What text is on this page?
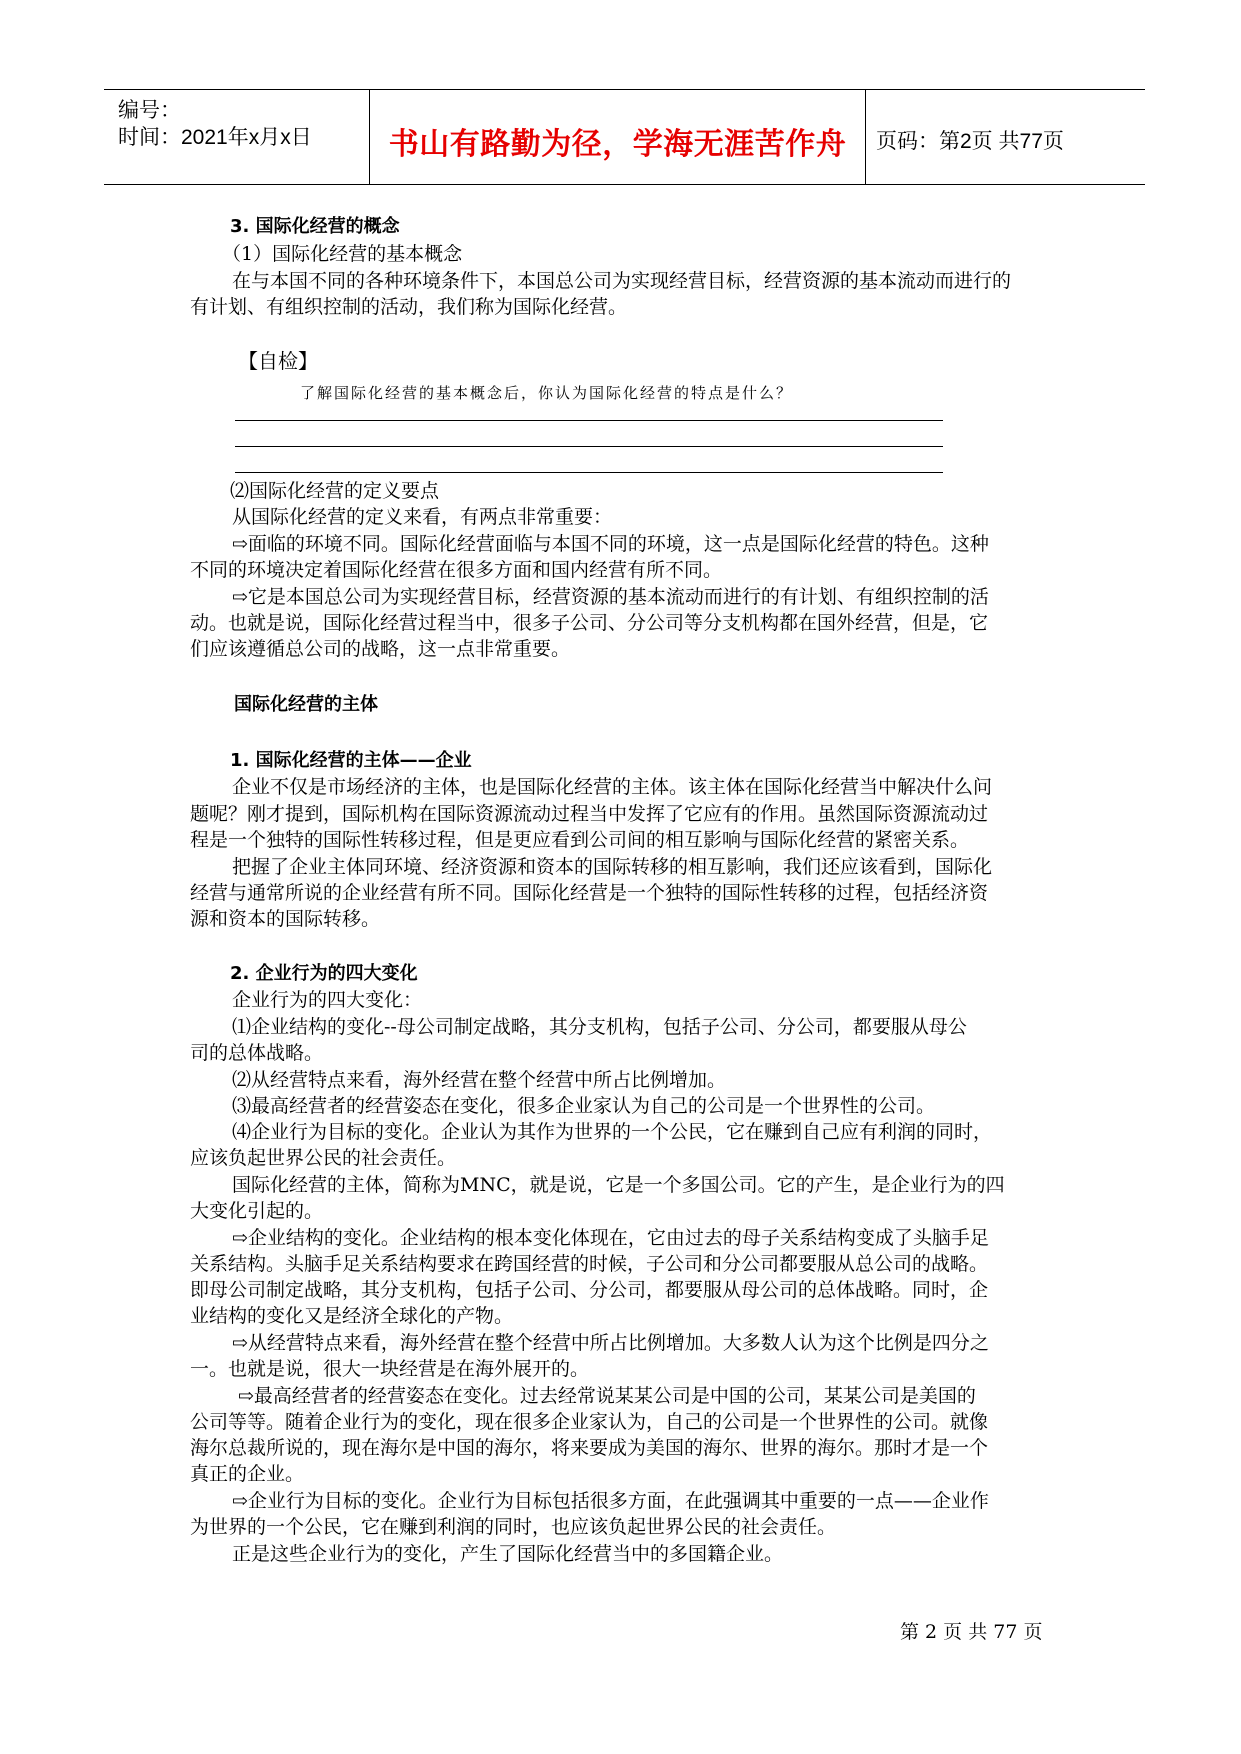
编号：
时间：2021年x月x日	书山有路勤为径，学海无涯苦作舟	页码：第2页 共77页
3. 国际化经营的概念
（1）国际化经营的基本概念
在与本国不同的各种环境条件下，本国总公司为实现经营目标，经营资源的基本流动而进行的
有计划、有组织控制的活动，我们称为国际化经营。
【自检】
了解国际化经营的基本概念后，你认为国际化经营的特点是什么？
⑵国际化经营的定义要点
从国际化经营的定义来看，有两点非常重要：
⇨面临的环境不同。国际化经营面临与本国不同的环境，这一点是国际化经营的特色。这种
不同的环境决定着国际化经营在很多方面和国内经营有所不同。
⇨它是本国总公司为实现经营目标，经营资源的基本流动而进行的有计划、有组织控制的活
动。也就是说，国际化经营过程当中，很多子公司、分公司等分支机构都在国外经营，但是，它
们应该遵循总公司的战略，这一点非常重要。
国际化经营的主体
1. 国际化经营的主体——企业
企业不仅是市场经济的主体，也是国际化经营的主体。该主体在国际化经营当中解决什么问
题呢？刚才提到，国际机构在国际资源流动过程当中发挥了它应有的作用。虽然国际资源流动过
程是一个独特的国际性转移过程，但是更应看到公司间的相互影响与国际化经营的紧密关系。
把握了企业主体同环境、经济资源和资本的国际转移的相互影响，我们还应该看到，国际化
经营与通常所说的企业经营有所不同。国际化经营是一个独特的国际性转移的过程，包括经济资
源和资本的国际转移。
2. 企业行为的四大变化
企业行为的四大变化：
⑴企业结构的变化--母公司制定战略，其分支机构，包括子公司、分公司，都要服从母公
司的总体战略。
⑵从经营特点来看，海外经营在整个经营中所占比例增加。
⑶最高经营者的经营姿态在变化，很多企业家认为自己的公司是一个世界性的公司。
⑷企业行为目标的变化。企业认为其作为世界的一个公民，它在赚到自己应有利润的同时，
应该负起世界公民的社会责任。
国际化经营的主体，简称为MNC，就是说，它是一个多国公司。它的产生，是企业行为的四
大变化引起的。
⇨企业结构的变化。企业结构的根本变化体现在，它由过去的母子关系结构变成了头脑手足
关系结构。头脑手足关系结构要求在跨国经营的时候，子公司和分公司都要服从总公司的战略。
即母公司制定战略，其分支机构，包括子公司、分公司，都要服从母公司的总体战略。同时，企
业结构的变化又是经济全球化的产物。
⇨从经营特点来看，海外经营在整个经营中所占比例增加。大多数人认为这个比例是四分之
一。也就是说，很大一块经营是在海外展开的。
⇨最高经营者的经营姿态在变化。过去经常说某某公司是中国的公司，某某公司是美国的
公司等等。随着企业行为的变化，现在很多企业家认为，自己的公司是一个世界性的公司。就像
海尔总裁所说的，现在海尔是中国的海尔，将来要成为美国的海尔、世界的海尔。那时才是一个
真正的企业。
⇨企业行为目标的变化。企业行为目标包括很多方面，在此强调其中重要的一点——企业作
为世界的一个公民，它在赚到利润的同时，也应该负起世界公民的社会责任。
正是这些企业行为的变化，产生了国际化经营当中的多国籍企业。
第 2 页 共 77 页
